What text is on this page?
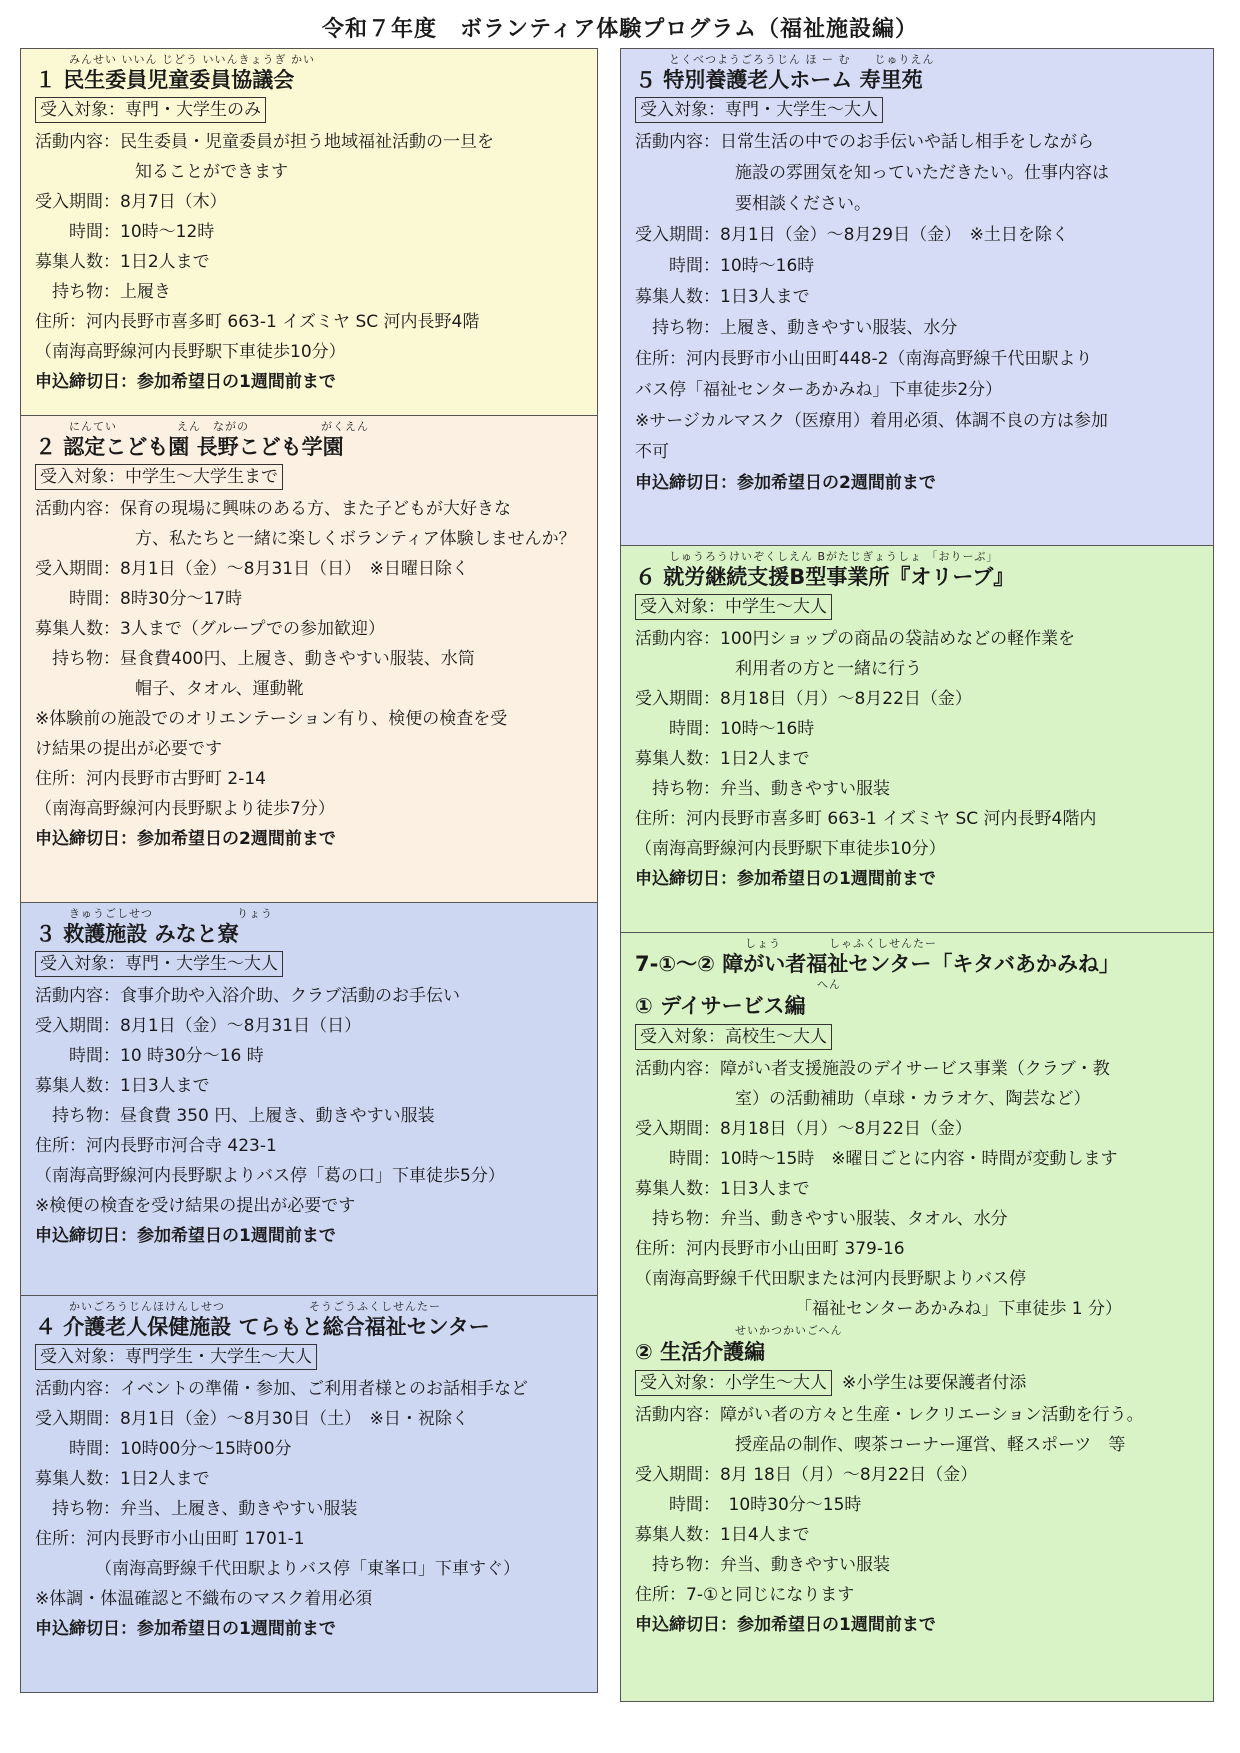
令和７年度　ボランティア体験プログラム（福祉施設編）
みんせい いいん じどう いいんきょうぎ かい
１ 民生委員児童委員協議会
受入対象：専門・大学生のみ
活動内容：民生委員・児童委員が担う地域福祉活動の一旦を
知ることができます
受入期間：8月7日（木）
時間：10時～12時
募集人数：1日2人まで
持ち物：上履き
住所：河内長野市喜多町 663-1 イズミヤ SC 河内長野4階
（南海高野線河内長野駅下車徒歩10分）
申込締切日：参加希望日の1週間前まで
にんてい　　　　　えん　ながの　　　　　　がくえん
２ 認定こども園 長野こども学園
受入対象：中学生～大学生まで
活動内容：保育の現場に興味のある方、また子どもが大好きな
方、私たちと一緒に楽しくボランティア体験しませんか？
受入期間：8月1日（金）～8月31日（日）　※日曜日除く
時間：8時30分～17時
募集人数：3人まで（グループでの参加歓迎）
持ち物：昼食費400円、上履き、動きやすい服装、水筒
帽子、タオル、運動靴
※体験前の施設でのオリエンテーション有り、検便の検査を受
け結果の提出が必要です
住所：河内長野市古野町 2-14
（南海高野線河内長野駅より徒歩7分）
申込締切日：参加希望日の2週間前まで
きゅうごしせつ　　　　　　　りょう
３ 救護施設 みなと寮
受入対象：専門・大学生～大人
活動内容：食事介助や入浴介助、クラブ活動のお手伝い
受入期間：8月1日（金）～8月31日（日）
時間：10 時30分～16 時
募集人数：1日3人まで
持ち物：昼食費 350 円、上履き、動きやすい服装
住所：河内長野市河合寺 423-1
（南海高野線河内長野駅よりバス停「葛の口」下車徒歩5分）
※検便の検査を受け結果の提出が必要です
申込締切日：参加希望日の1週間前まで
かいごろうじんほけんしせつ　　　　　　　そうごうふくしせんたー
４ 介護老人保健施設 てらもと総合福祉センター
受入対象：専門学生・大学生～大人
活動内容：イベントの準備・参加、ご利用者様とのお話相手など
受入期間：8月1日（金）～8月30日（土）　※日・祝除く
時間：10時00分～15時00分
募集人数：1日2人まで
持ち物：弁当、上履き、動きやすい服装
住所：河内長野市小山田町 1701-1
（南海高野線千代田駅よりバス停「東峯口」下車すぐ）
※体調・体温確認と不織布のマスク着用必須
申込締切日：参加希望日の1週間前まで
とくべつようごろうじん ほ ー む　　じゅりえん
５ 特別養護老人ホーム 寿里苑
受入対象：専門・大学生～大人
活動内容：日常生活の中でのお手伝いや話し相手をしながら
施設の雰囲気を知っていただきたい。仕事内容は
要相談ください。
受入期間：8月1日（金）～8月29日（金）　※土日を除く
時間：10時～16時
募集人数：1日3人まで
持ち物：上履き、動きやすい服装、水分
住所：河内長野市小山田町448-2（南海高野線千代田駅より
バス停「福祉センターあかみね」下車徒歩2分）
※サージカルマスク（医療用）着用必須、体調不良の方は参加
不可
申込締切日：参加希望日の2週間前まで
しゅうろうけいぞくしえん Bがたじぎょうしょ 「おりーぶ」
６ 就労継続支援B型事業所『オリーブ』
受入対象：中学生～大人
活動内容：100円ショップの商品の袋詰めなどの軽作業を
利用者の方と一緒に行う
受入期間：8月18日（月）～8月22日（金）
時間：10時～16時
募集人数：1日2人まで
持ち物：弁当、動きやすい服装
住所：河内長野市喜多町 663-1 イズミヤ SC 河内長野4階内
（南海高野線河内長野駅下車徒歩10分）
申込締切日：参加希望日の1週間前まで
しょう　　　　しゃふくしせんたー
7-①～② 障がい者福祉センター「キタバあかみね」
へん
① デイサービス編
受入対象：高校生～大人
活動内容：障がい者支援施設のデイサービス事業（クラブ・教
室）の活動補助（卓球・カラオケ、陶芸など）
受入期間：8月18日（月）～8月22日（金）
時間：10時～15時　※曜日ごとに内容・時間が変動します
募集人数：1日3人まで
持ち物：弁当、動きやすい服装、タオル、水分
住所：河内長野市小山田町 379-16
（南海高野線千代田駅または河内長野駅よりバス停
「福祉センターあかみね」下車徒歩 1 分）
せいかつかいごへん
② 生活介護編
受入対象：小学生～大人 ※小学生は要保護者付添
活動内容：障がい者の方々と生産・レクリエーション活動を行う。
授産品の制作、喫茶コーナー運営、軽スポーツ　等
受入期間：8月 18日（月）～8月22日（金）
時間：　10時30分～15時
募集人数：1日4人まで
持ち物：弁当、動きやすい服装
住所：7-①と同じになります
申込締切日：参加希望日の1週間前まで
